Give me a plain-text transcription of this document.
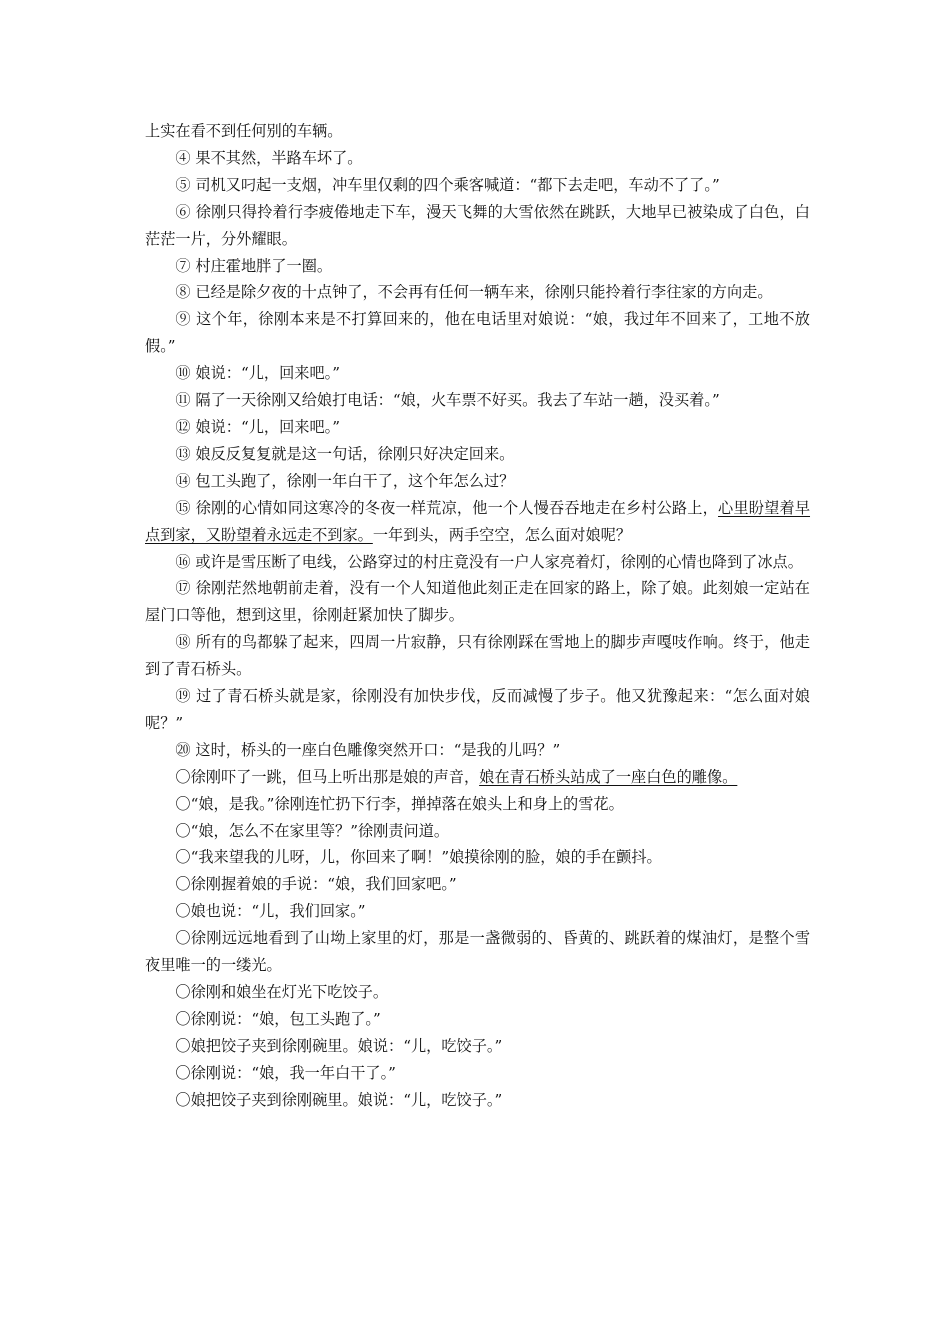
上实在看不到任何别的车辆。

④ 果不其然，半路车坏了。

⑤ 司机又叼起一支烟，冲车里仅剩的四个乘客喊道：“都下去走吧，车动不了了。”

⑥ 徐刚只得拎着行李疲倦地走下车，漫天飞舞的大雪依然在跳跃，大地早已被染成了白色，白茫茫一片，分外耀眼。

⑦ 村庄霍地胖了一圈。

⑧ 已经是除夕夜的十点钟了，不会再有任何一辆车来，徐刚只能拎着行李往家的方向走。

⑨ 这个年，徐刚本来是不打算回来的，他在电话里对娘说：“娘，我过年不回来了，工地不放假。”

⑩ 娘说：“儿，回来吧。”

⑪ 隔了一天徐刚又给娘打电话：“娘，火车票不好买。我去了车站一趟，没买着。”

⑫ 娘说：“儿，回来吧。”

⑬ 娘反反复复就是这一句话，徐刚只好决定回来。

⑭ 包工头跑了，徐刚一年白干了，这个年怎么过？

⑮ 徐刚的心情如同这寒冷的冬夜一样荒凉，他一个人慢吞吞地走在乡村公路上，心里盼望着早点到家，又盼望着永远走不到家。一年到头，两手空空，怎么面对娘呢？

⑯ 或许是雪压断了电线，公路穿过的村庄竟没有一户人家亮着灯，徐刚的心情也降到了冰点。

⑰ 徐刚茫然地朝前走着，没有一个人知道他此刻正走在回家的路上，除了娘。此刻娘一定站在屋门口等他，想到这里，徐刚赶紧加快了脚步。

⑱ 所有的鸟都躲了起来，四周一片寂静，只有徐刚踩在雪地上的脚步声嘎吱作响。终于，他走到了青石桥头。

⑲ 过了青石桥头就是家，徐刚没有加快步伐，反而减慢了步子。他又犹豫起来：“怎么面对娘呢？”

⑳ 这时，桥头的一座白色雕像突然开口：“是我的儿吗？”

〇徐刚吓了一跳，但马上听出那是娘的声音，娘在青石桥头站成了一座白色的雕像。

〇“娘，是我。”徐刚连忙扔下行李，掸掉落在娘头上和身上的雪花。

〇“娘，怎么不在家里等？”徐刚责问道。

〇“我来望我的儿呀，儿，你回来了啊！”娘摸徐刚的脸，娘的手在颤抖。

〇徐刚握着娘的手说：“娘，我们回家吧。”

〇娘也说：“儿，我们回家。”

〇徐刚远远地看到了山坳上家里的灯，那是一盏微弱的、昏黄的、跳跃着的煤油灯，是整个雪夜里唯一的一缕光。

〇徐刚和娘坐在灯光下吃饺子。

〇徐刚说：“娘，包工头跑了。”

〇娘把饺子夹到徐刚碗里。娘说：“儿，吃饺子。”

〇徐刚说：“娘，我一年白干了。”

〇娘把饺子夹到徐刚碗里。娘说：“儿，吃饺子。”
